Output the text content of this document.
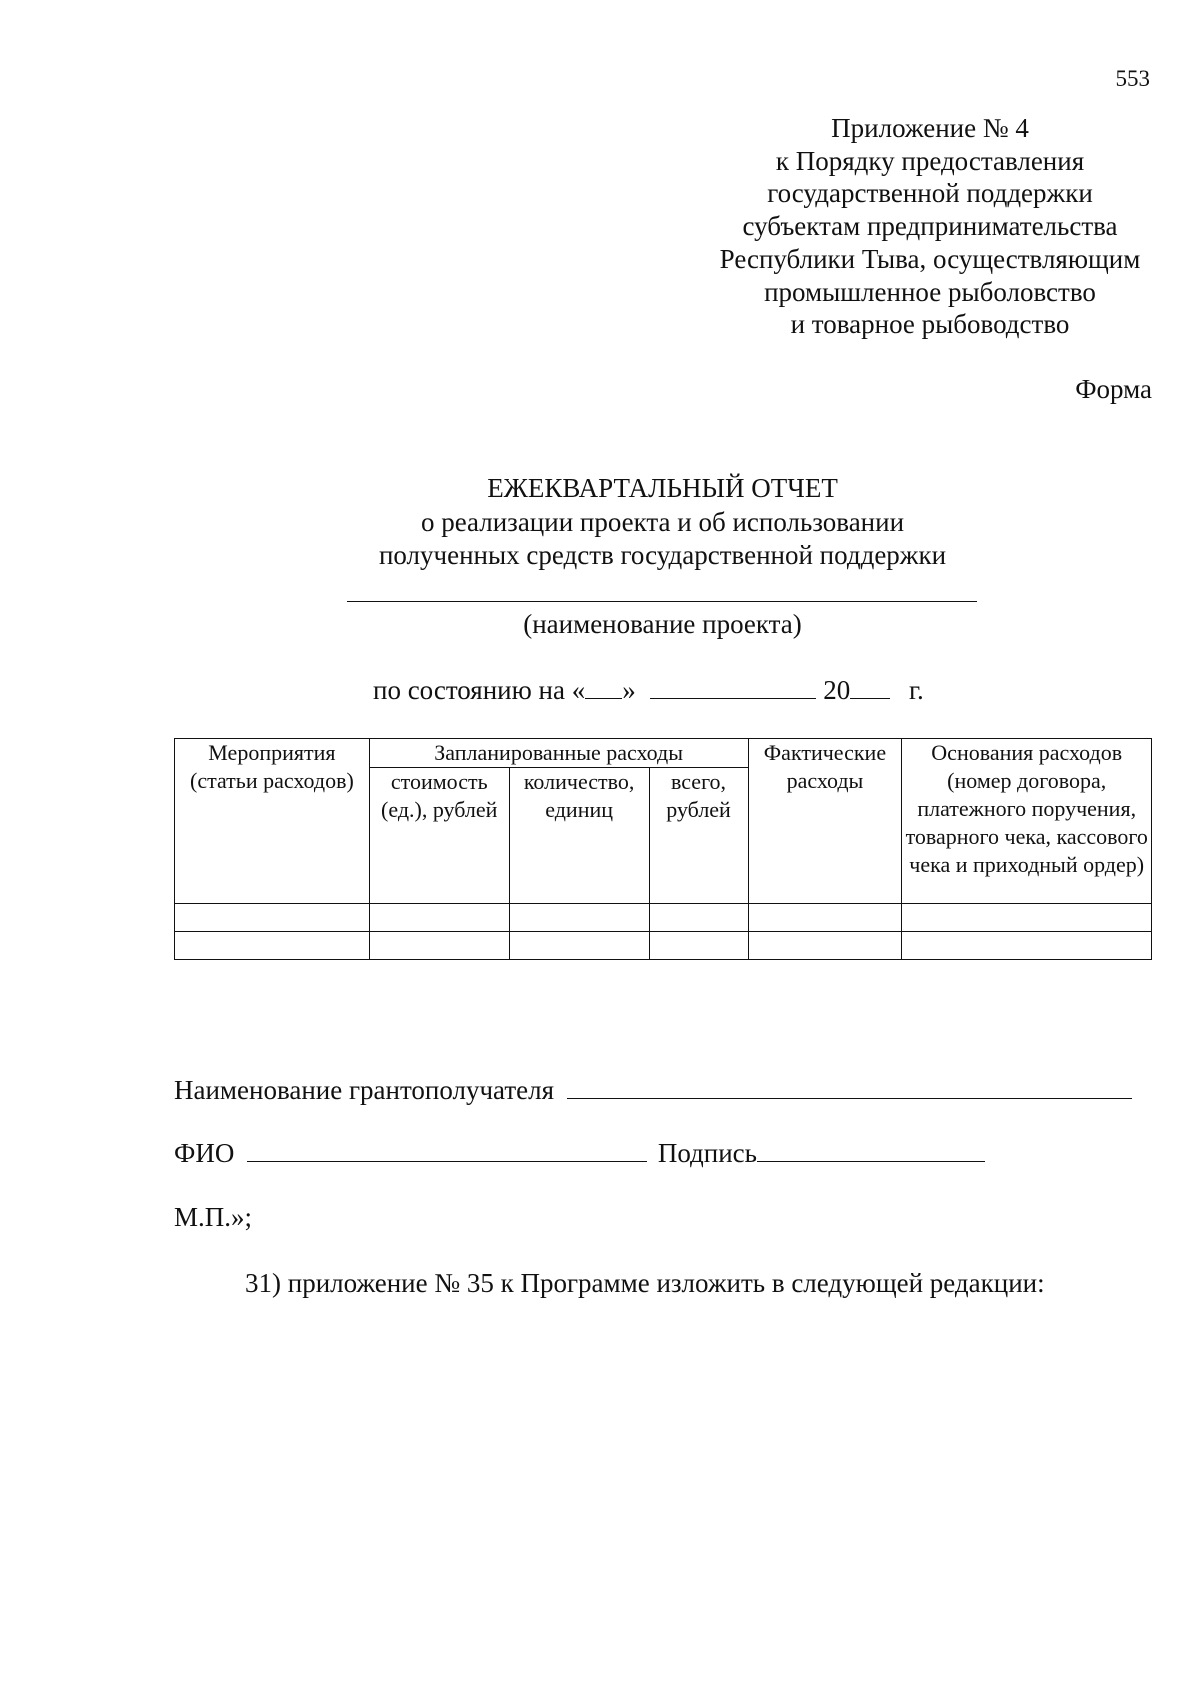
553
Приложение № 4
к Порядку предоставления
государственной поддержки
субъектам предпринимательства
Республики Тыва, осуществляющим
промышленное рыболовство
и товарное рыбоводство
Форма
ЕЖЕКВАРТАЛЬНЫЙ ОТЧЕТ
о реализации проекта и об использовании
полученных средств государственной поддержки
(наименование проекта)
по состоянию на « »	20 г.
Мероприятия (статьи расходов)	Запланированные расходы			Фактические расходы	Основания расходов (номер договора, платежного поручения, товарного чека, кассового чека и приходный ордер)
	стоимость (ед.), рублей	количество, единиц	всего, рублей		

Наименование грантополучателя
ФИО	Подпись
М.П.»;
31) приложение № 35 к Программе изложить в следующей редакции:
